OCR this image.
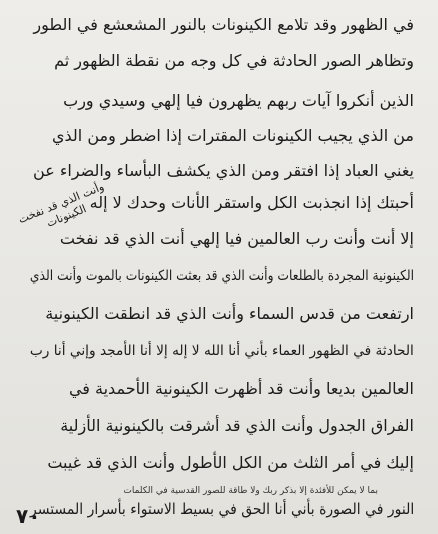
في الظهور وقد تلامع الكينونات بالنور المشعشع في الطور
وتظاهر الصور الحادثة في كل وجه من نقطة الظهور ثم
الذين أنكروا آيات ربهم يظهرون فيا إلهي وسيدي ورب
من الذي يجيب الكينونات المقترات إذا اضطر ومن الذي
يغني العباد إذا افتقر ومن الذي يكشف البأساء والضراء عن
أحبتك إذا انجذبت الكل واستقر الأنات وحدك لا إله
إلا أنت وأنت رب العالمين فيا إلهي أنت الذي قد نفخت
الكينونية المجردة بالطلعات وأنت الذي قد بعثت الكينونات بالموت وأنت الذي
ارتفعت من قدس السماء وأنت الذي قد انطقت الكينونية
الحادثة في الظهور العماء بأني أنا الله لا إله إلا أنا الأمجد وإني أنا رب
العالمين بديعا وأنت قد أظهرت الكينونية الأحمدية في
الفراق الجدول وأنت الذي قد أشرقت بالكينونية الأزلية
إليك في أمر الثلث من الكل الأطول وأنت الذي قد غيبت
بما لا يمكن للأفئدة إلا بذكر ربك ولا طاقة للصور القدسية في الكلمات
النور في الصورة بأني أنا الحق في بسيط الاستواء بأسرار المستسر
وأنت الذي قد نفخت الكينونات
٧٠
